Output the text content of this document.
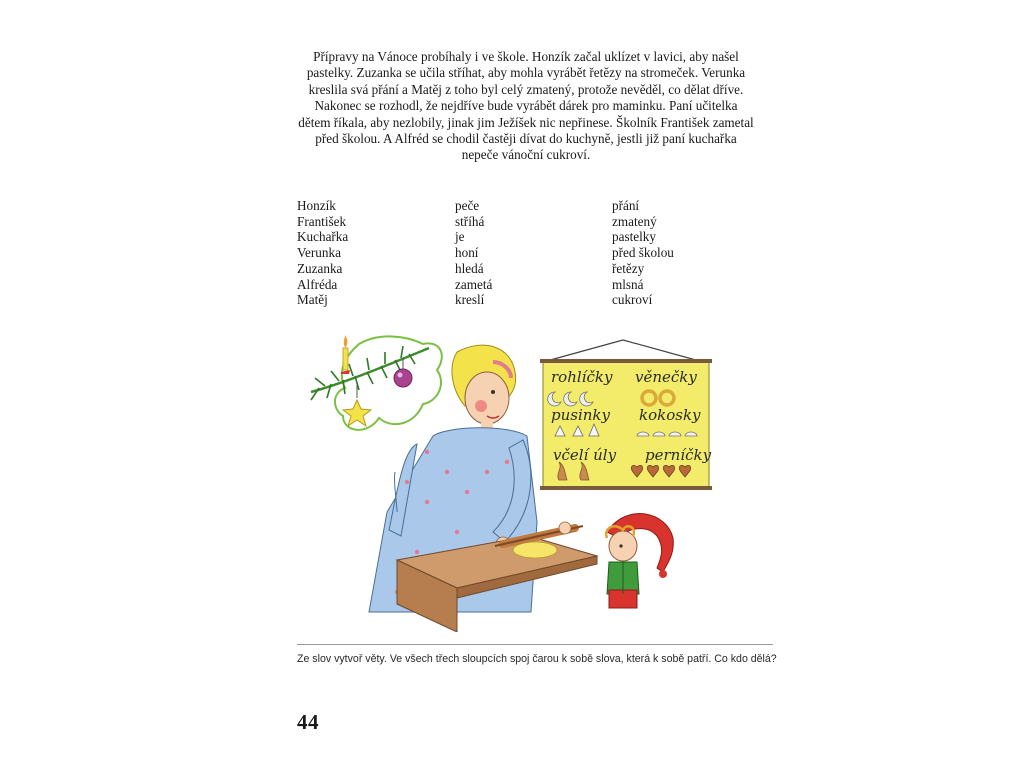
Přípravy na Vánoce probíhaly i ve škole. Honzík začal uklízet v lavici, aby našel pastelky. Zuzanka se učila stříhat, aby mohla vyrábět řetězy na stromeček. Verunka kreslila svá přání a Matěj z toho byl celý zmatený, protože nevěděl, co dělat dříve. Nakonec se rozhodl, že nejdříve bude vyrábět dárek pro maminku. Paní učitelka dětem říkala, aby nezlobily, jinak jim Ježíšek nic nepřinese. Školník František zametal před školou. A Alfréd se chodil častěji dívat do kuchyně, jestli již paní kuchařka nepeče vánoční cukroví.

Honzík
František
Kuchařka
Verunka
Zuzanka
Alfréda
Matěj
peče
stříhá
je
honí
hledá
zametá
kreslí
přání
zmatený
pastelky
před školou
řetězy
mlsná
cukroví
rohlíčky věnečky
pusinky kokosky
včelí úly perníčky

Ze slov vytvoř věty. Ve všech třech sloupcích spoj čarou k sobě slova, která k sobě patří. Co kdo dělá?

44
